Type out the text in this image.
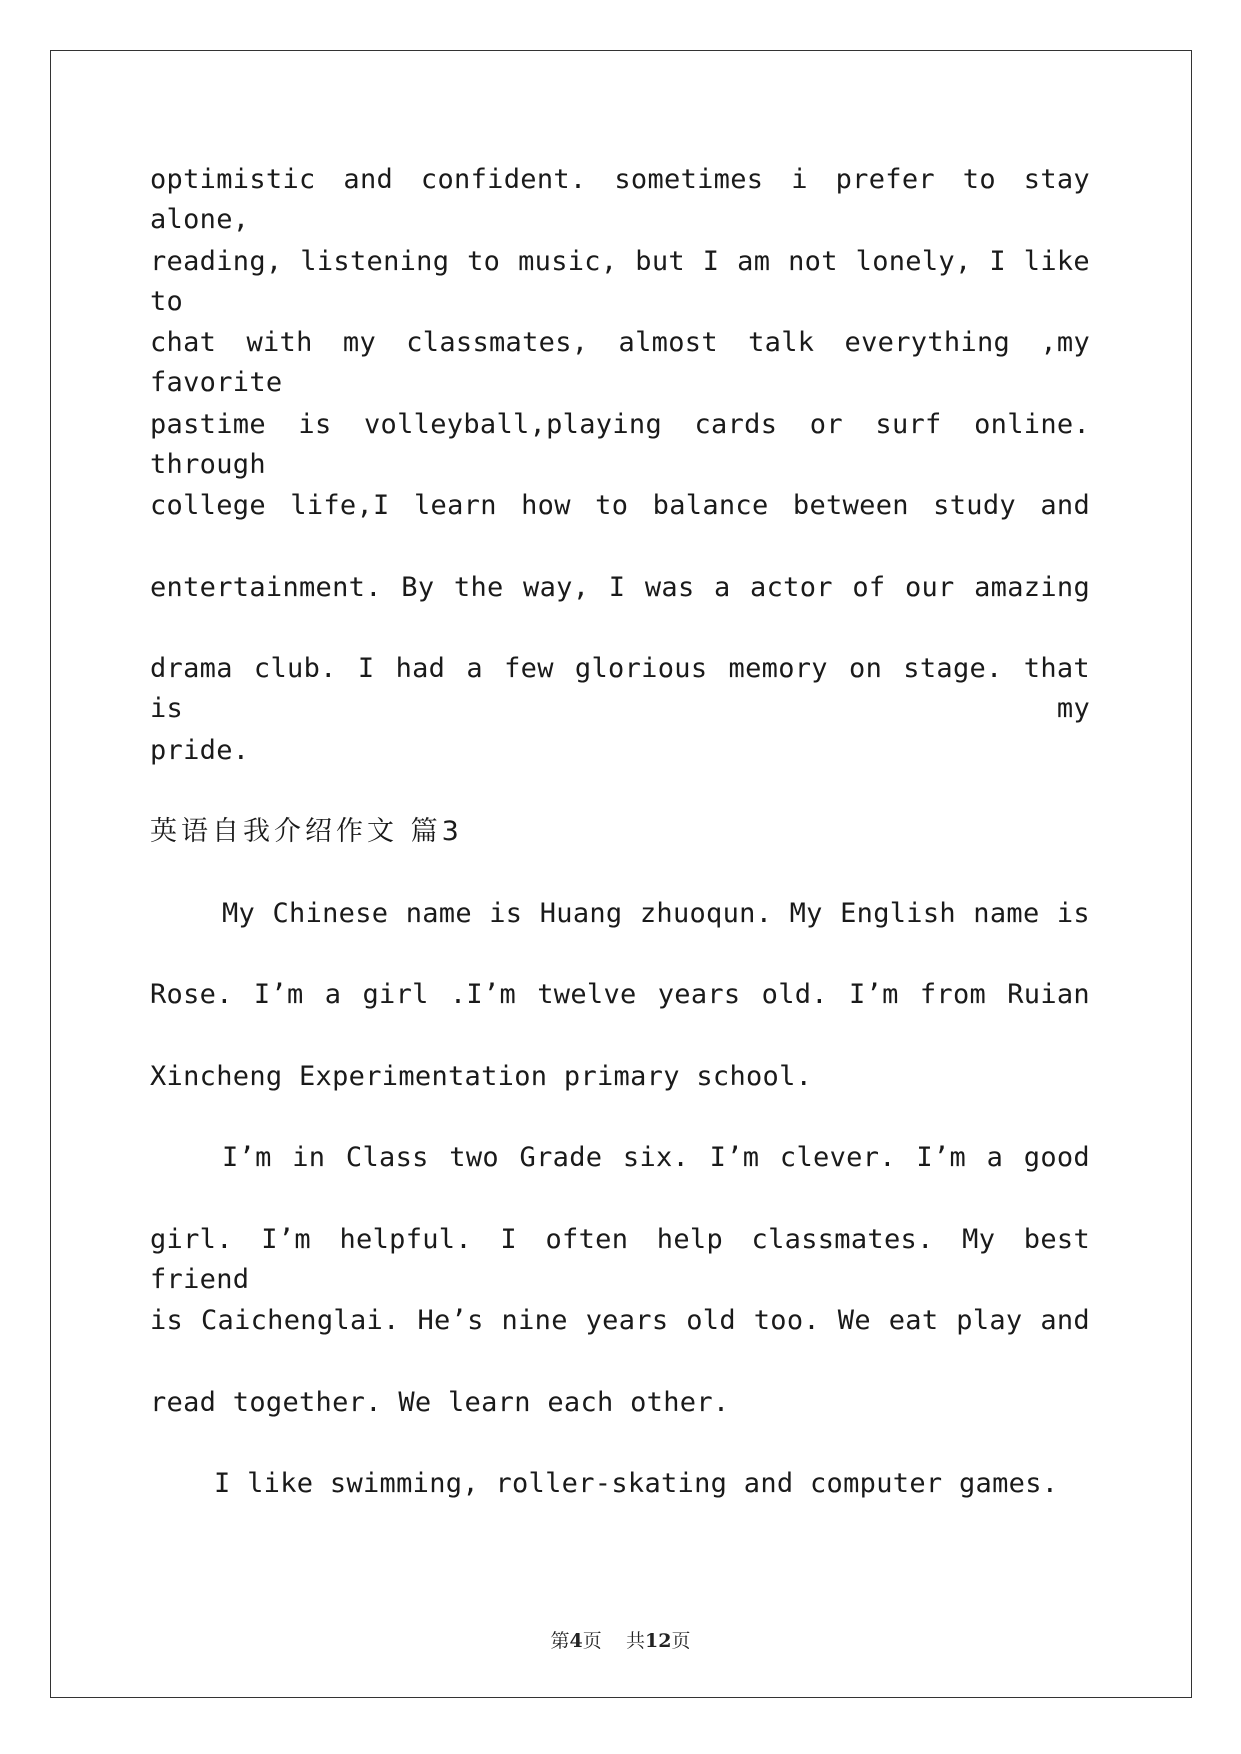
optimistic and confident. sometimes i prefer to stay alone,
reading, listening to music, but I am not lonely, I like to
chat with my classmates, almost talk everything ,my favorite
pastime is volleyball,playing cards or surf online. through
college life,I learn how to balance between study and
entertainment. By the way, I was a actor of our amazing
drama club. I had a few glorious memory on stage. that is my
pride.
英语自我介绍作文 篇3
My Chinese name is Huang zhuoqun. My English name is
Rose. I’m a girl .I’m twelve years old. I’m from Ruian
Xincheng Experimentation primary school.
I’m in Class two Grade six. I’m clever. I’m a good
girl. I’m helpful. I often help classmates. My best friend
is Caichenglai. He’s nine years old too. We eat play and
read together. We learn each other.
I like swimming, roller-skating and computer games.
第4页 共12页
